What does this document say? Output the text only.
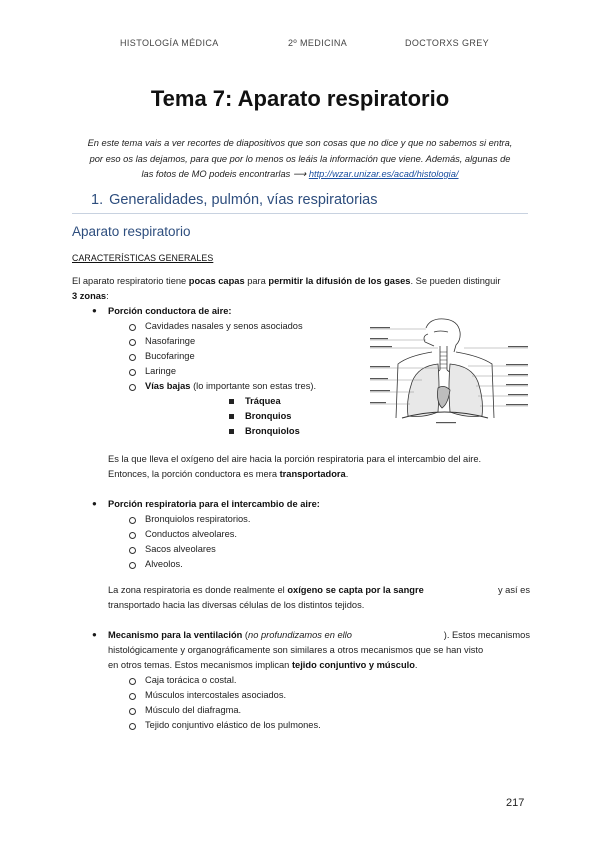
HISTOLOGÍA MÉDICA	2º MEDICINA	DOCTORXS GREY
Tema 7: Aparato respiratorio
En este tema vais a ver recortes de diapositivos que son cosas que no dice y que no sabemos si entra,
por eso os las dejamos, para que por lo menos os leáis la información que viene. Además, algunas de
las fotos de MO podeis encontrarlas ⟶ http://wzar.unizar.es/acad/histologia/
1. Generalidades, pulmón, vías respiratorias
Aparato respiratorio
CARACTERÍSTICAS GENERALES
El aparato respiratorio tiene pocas capas para permitir la difusión de los gases. Se pueden distinguir
3 zonas:
● Porción conductora de aire:
Cavidades nasales y senos asociados
Nasofaringe
Bucofaringe
Laringe
Vías bajas (lo importante son estas tres).
Tráquea
Bronquios
Bronquiolos
Es la que lleva el oxígeno del aire hacia la porción respiratoria para el intercambio del aire.
Entonces, la porción conductora es mera transportadora.
● Porción respiratoria para el intercambio de aire:
Bronquiolos respiratorios.
Conductos alveolares.
Sacos alveolares
Alveolos.
La zona respiratoria es donde realmente el oxígeno se capta por la sangre	y así es
transportado hacia las diversas células de los distintos tejidos.
● Mecanismo para la ventilación (no profundizamos en ello	). Estos mecanismos
histológicamente y organográficamente son similares a otros mecanismos que se han visto
en otros temas. Estos mecanismos implican tejido conjuntivo y músculo.
Caja torácica o costal.
Músculos intercostales asociados.
Músculo del diafragma.
Tejido conjuntivo elástico de los pulmones.
217
